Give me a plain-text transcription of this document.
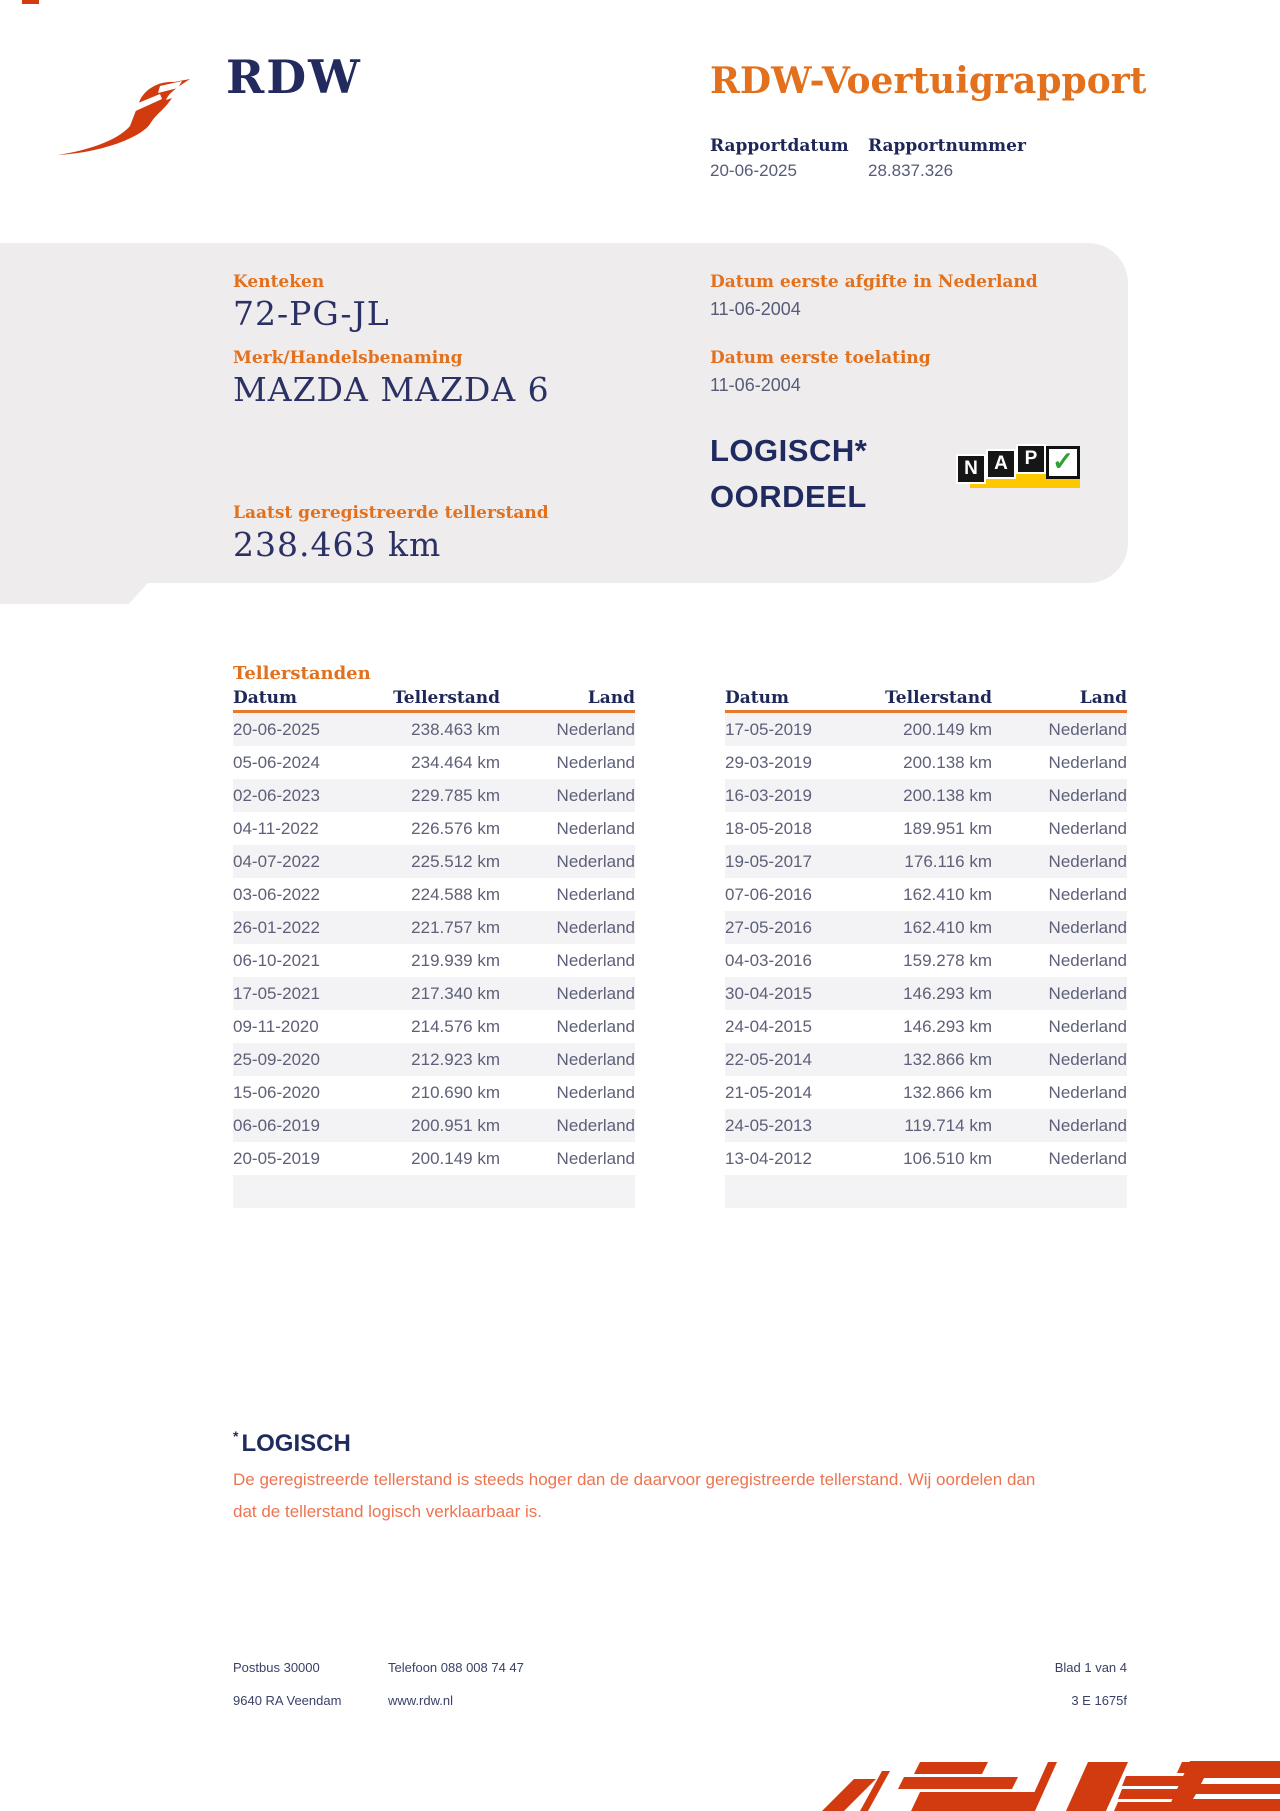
RDW	RDW-Voertuigrapport
Rapportdatum
20-06-2025
Rapportnummer
28.837.326
Kenteken
72-PG-JL
Merk/Handelsbenaming
MAZDA MAZDA 6
Datum eerste afgifte in Nederland
11-06-2004
Datum eerste toelating
11-06-2004
LOGISCH*
OORDEEL
N A P ✓
Laatst geregistreerde tellerstand
238.463 km
Tellerstanden
Datum	Tellerstand	Land
20-06-2025	238.463 km	Nederland
05-06-2024	234.464 km	Nederland
02-06-2023	229.785 km	Nederland
04-11-2022	226.576 km	Nederland
04-07-2022	225.512 km	Nederland
03-06-2022	224.588 km	Nederland
26-01-2022	221.757 km	Nederland
06-10-2021	219.939 km	Nederland
17-05-2021	217.340 km	Nederland
09-11-2020	214.576 km	Nederland
25-09-2020	212.923 km	Nederland
15-06-2020	210.690 km	Nederland
06-06-2019	200.951 km	Nederland
20-05-2019	200.149 km	Nederland
Datum	Tellerstand	Land
17-05-2019	200.149 km	Nederland
29-03-2019	200.138 km	Nederland
16-03-2019	200.138 km	Nederland
18-05-2018	189.951 km	Nederland
19-05-2017	176.116 km	Nederland
07-06-2016	162.410 km	Nederland
27-05-2016	162.410 km	Nederland
04-03-2016	159.278 km	Nederland
30-04-2015	146.293 km	Nederland
24-04-2015	146.293 km	Nederland
22-05-2014	132.866 km	Nederland
21-05-2014	132.866 km	Nederland
24-05-2013	119.714 km	Nederland
13-04-2012	106.510 km	Nederland
* LOGISCH
De geregistreerde tellerstand is steeds hoger dan de daarvoor geregistreerde tellerstand. Wij oordelen dan
dat de tellerstand logisch verklaarbaar is.
Postbus 30000
9640 RA Veendam
Telefoon 088 008 74 47
www.rdw.nl
Blad 1 van 4
3 E 1675f
